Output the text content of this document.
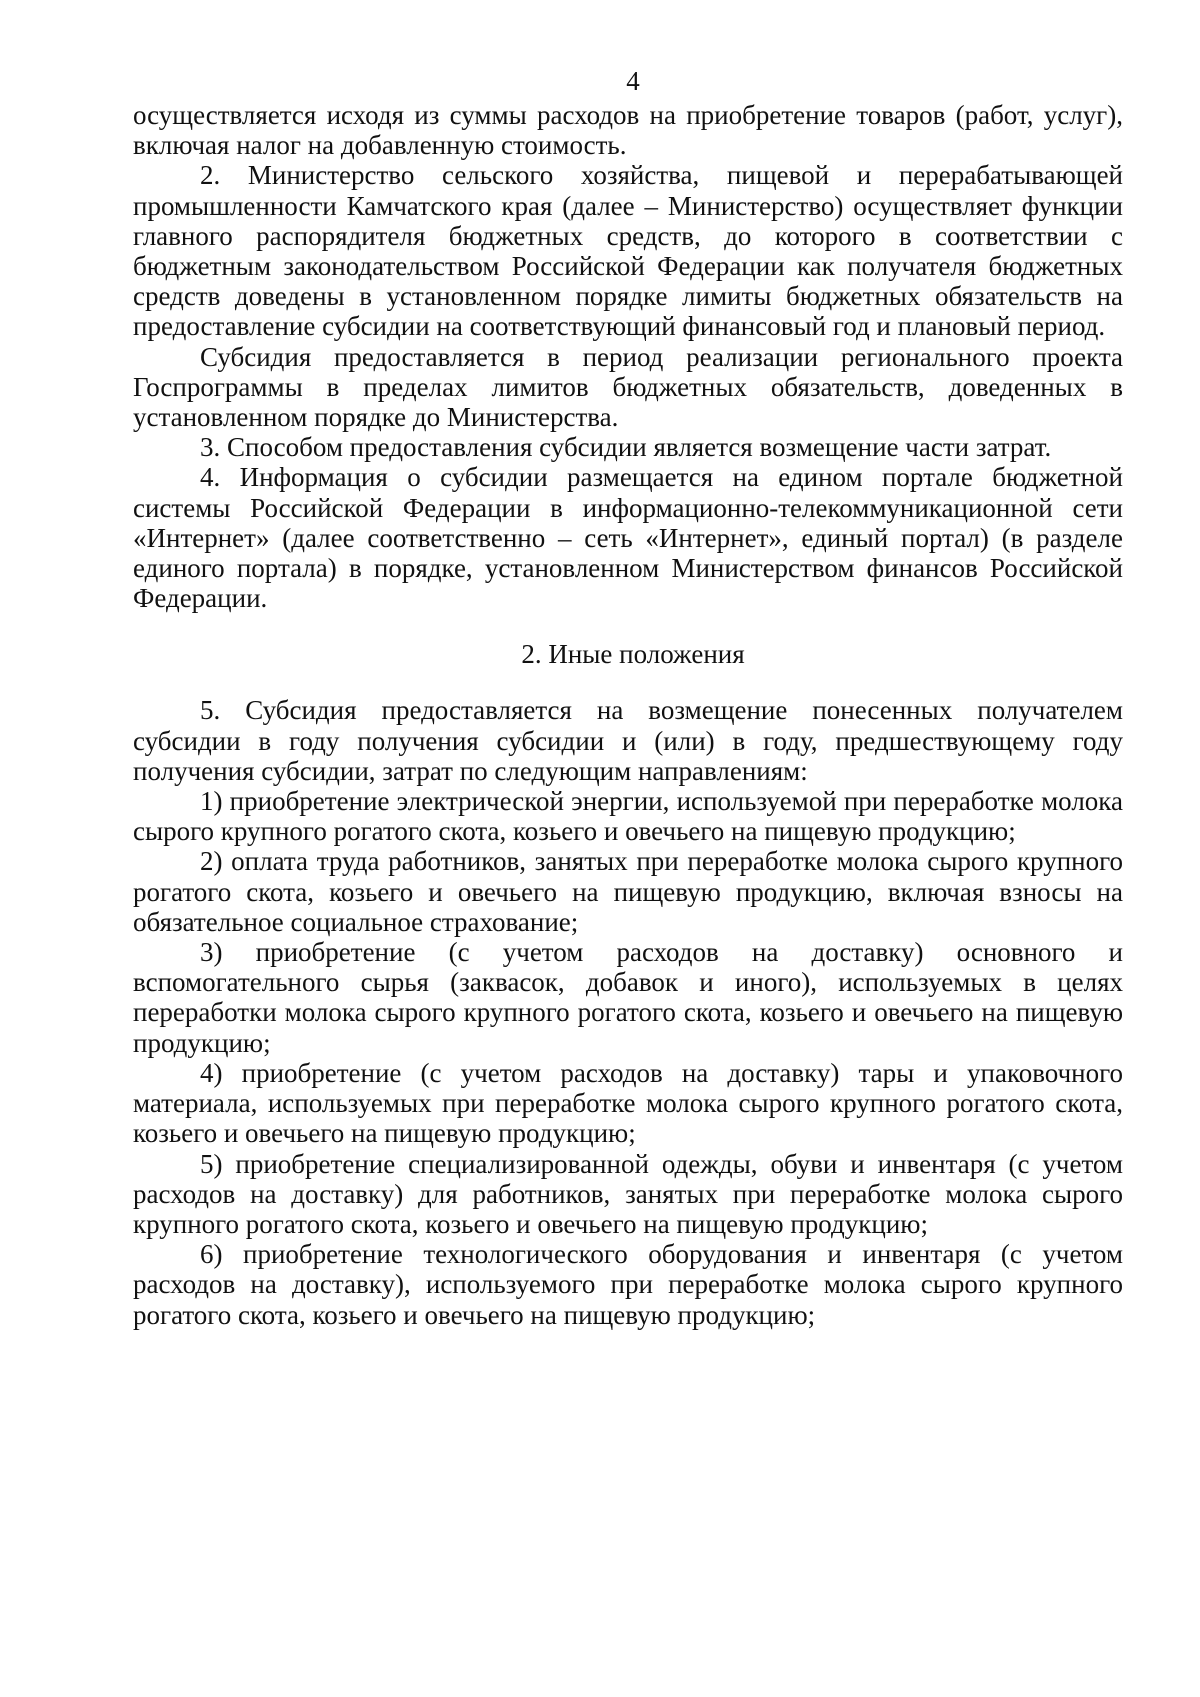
4

осуществляется исходя из суммы расходов на приобретение товаров (работ, услуг), включая налог на добавленную стоимость.

2. Министерство сельского хозяйства, пищевой и перерабатывающей промышленности Камчатского края (далее – Министерство) осуществляет функции главного распорядителя бюджетных средств, до которого в соответствии с бюджетным законодательством Российской Федерации как получателя бюджетных средств доведены в установленном порядке лимиты бюджетных обязательств на предоставление субсидии на соответствующий финансовый год и плановый период.

Субсидия предоставляется в период реализации регионального проекта Госпрограммы в пределах лимитов бюджетных обязательств, доведенных в установленном порядке до Министерства.

3. Способом предоставления субсидии является возмещение части затрат.

4. Информация о субсидии размещается на едином портале бюджетной системы Российской Федерации в информационно-телекоммуникационной сети «Интернет» (далее соответственно – сеть «Интернет», единый портал) (в разделе единого портала) в порядке, установленном Министерством финансов Российской Федерации.

2. Иные положения

5. Субсидия предоставляется на возмещение понесенных получателем субсидии в году получения субсидии и (или) в году, предшествующему году получения субсидии, затрат по следующим направлениям:

1) приобретение электрической энергии, используемой при переработке молока сырого крупного рогатого скота, козьего и овечьего на пищевую продукцию;

2) оплата труда работников, занятых при переработке молока сырого крупного рогатого скота, козьего и овечьего на пищевую продукцию, включая взносы на обязательное социальное страхование;

3) приобретение (с учетом расходов на доставку) основного и вспомогательного сырья (заквасок, добавок и иного), используемых в целях переработки молока сырого крупного рогатого скота, козьего и овечьего на пищевую продукцию;

4) приобретение (с учетом расходов на доставку) тары и упаковочного материала, используемых при переработке молока сырого крупного рогатого скота, козьего и овечьего на пищевую продукцию;

5) приобретение специализированной одежды, обуви и инвентаря (с учетом расходов на доставку) для работников, занятых при переработке молока сырого крупного рогатого скота, козьего и овечьего на пищевую продукцию;

6) приобретение технологического оборудования и инвентаря (с учетом расходов на доставку), используемого при переработке молока сырого крупного рогатого скота, козьего и овечьего на пищевую продукцию;
